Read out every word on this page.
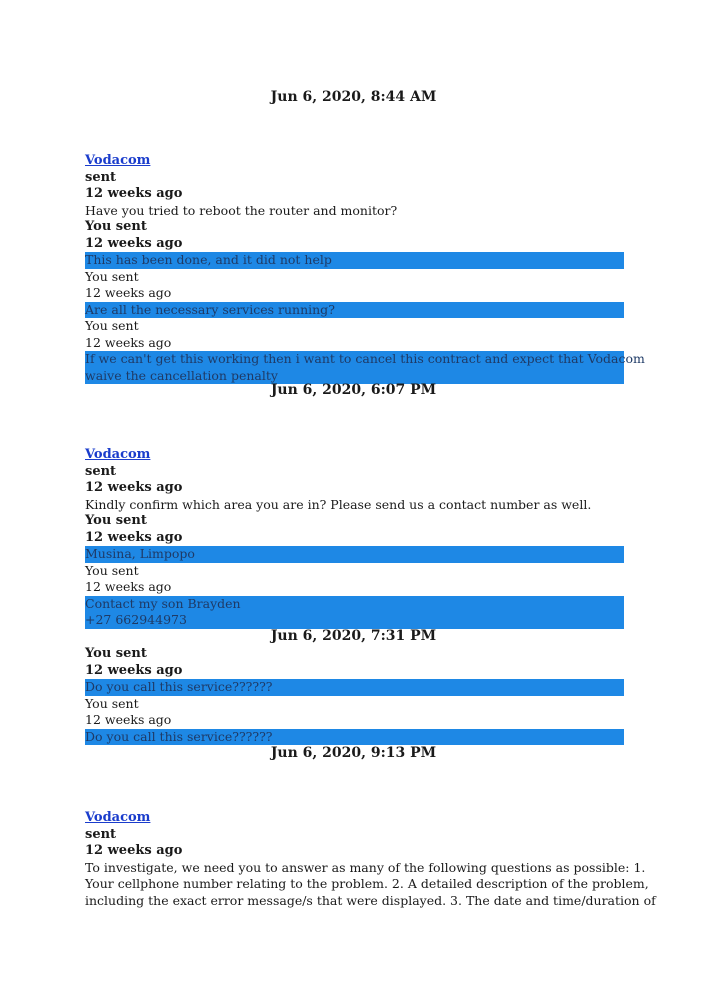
Jun 6, 2020, 8:44 AM
Vodacom
sent
12 weeks ago
Have you tried to reboot the router and monitor?
You sent
12 weeks ago
This has been done, and it did not help
You sent
12 weeks ago
Are all the necessary services running?
You sent
12 weeks ago
If we can't get this working then i want to cancel this contract and expect that Vodacom
waive the cancellation penalty
Jun 6, 2020, 6:07 PM
Vodacom
sent
12 weeks ago
Kindly confirm which area you are in? Please send us a contact number as well.
You sent
12 weeks ago
Musina, Limpopo
You sent
12 weeks ago
Contact my son Brayden
+27 662944973
Jun 6, 2020, 7:31 PM
You sent
12 weeks ago
Do you call this service??????
You sent
12 weeks ago
Do you call this service??????
Jun 6, 2020, 9:13 PM
Vodacom
sent
12 weeks ago
To investigate, we need you to answer as many of the following questions as possible: 1.
Your cellphone number relating to the problem. 2. A detailed description of the problem,
including the exact error message/s that were displayed. 3. The date and time/duration of
